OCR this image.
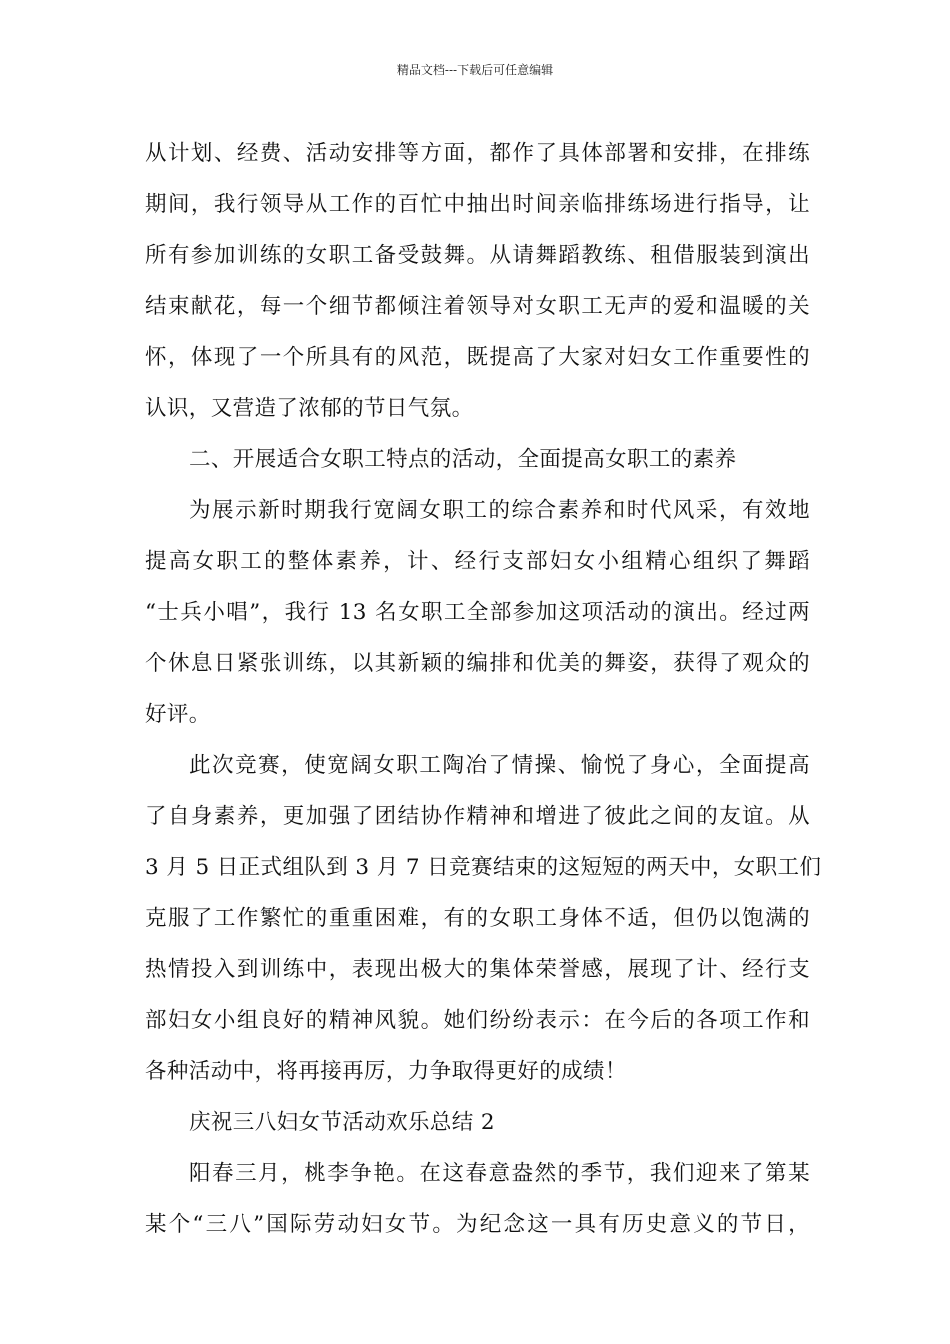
精品文档---下载后可任意编辑
从计划、经费、活动安排等方面，都作了具体部署和安排，在排练
期间，我行领导从工作的百忙中抽出时间亲临排练场进行指导，让
所有参加训练的女职工备受鼓舞。从请舞蹈教练、租借服装到演出
结束献花，每一个细节都倾注着领导对女职工无声的爱和温暖的关
怀，体现了一个所具有的风范，既提高了大家对妇女工作重要性的
认识，又营造了浓郁的节日气氛。
二、开展适合女职工特点的活动，全面提高女职工的素养
为展示新时期我行宽阔女职工的综合素养和时代风采，有效地
提高女职工的整体素养，计、经行支部妇女小组精心组织了舞蹈
“士兵小唱”，我行 13 名女职工全部参加这项活动的演出。经过两
个休息日紧张训练，以其新颖的编排和优美的舞姿，获得了观众的
好评。
此次竞赛，使宽阔女职工陶冶了情操、愉悦了身心，全面提高
了自身素养，更加强了团结协作精神和增进了彼此之间的友谊。从
3 月 5 日正式组队到 3 月 7 日竞赛结束的这短短的两天中，女职工们
克服了工作繁忙的重重困难，有的女职工身体不适，但仍以饱满的
热情投入到训练中，表现出极大的集体荣誉感，展现了计、经行支
部妇女小组良好的精神风貌。她们纷纷表示：在今后的各项工作和
各种活动中，将再接再厉，力争取得更好的成绩！
庆祝三八妇女节活动欢乐总结 2
阳春三月，桃李争艳。在这春意盎然的季节，我们迎来了第某
某个“三八”国际劳动妇女节。为纪念这一具有历史意义的节日，
